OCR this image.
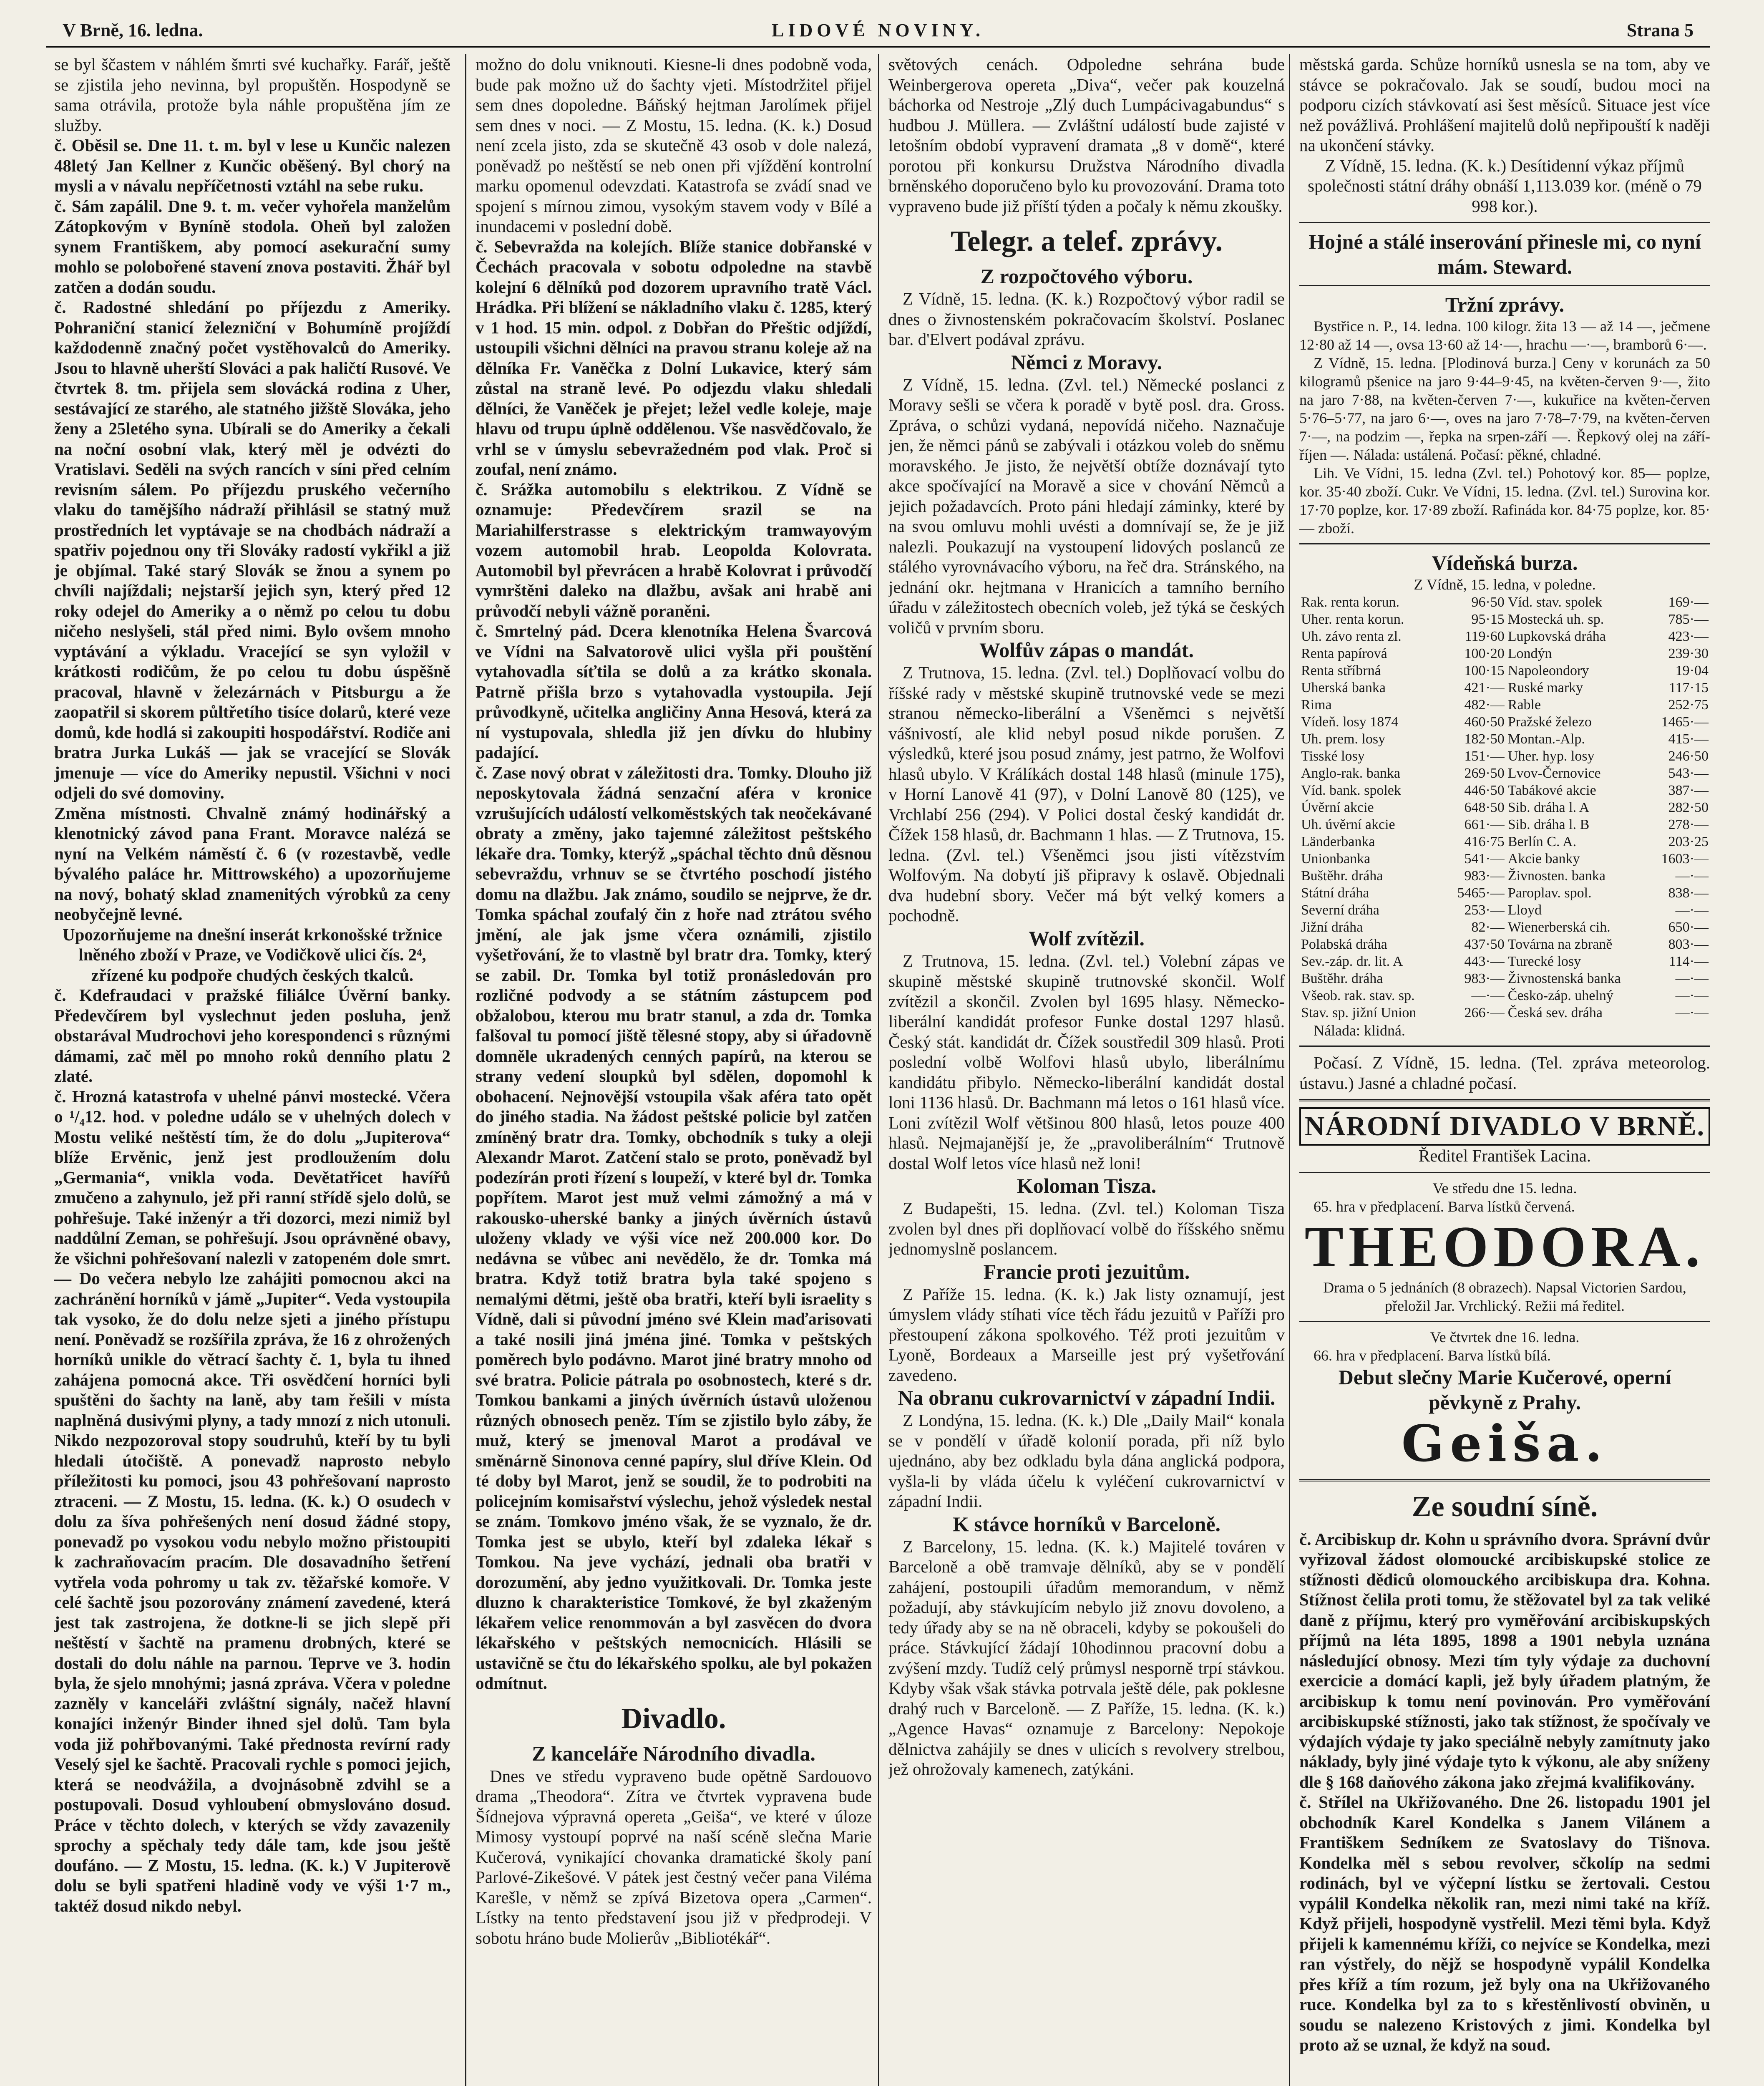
V Brně, 16. ledna.	LIDOVÉ NOVINY.	Strana 5

se byl ščastem v náhlém šmrti své kuchařky. Farář, ještě se zjistila jeho nevinna, byl propuštěn. Hospodyně se sama otrávila, protože byla náhle propuštěna jím ze služby.

č. Oběsil se. Dne 11. t. m. byl v lese u Kunčic nalezen 48letý Jan Kellner z Kunčic oběšený. Byl chorý na mysli a v návalu nepříčetnosti vztáhl na sebe ruku.

č. Sám zapálil. Dne 9. t. m. večer vyhořela manželům Zátopkovým v Byníně stodola. Oheň byl založen synem Františkem, aby pomocí asekurační sumy mohlo se polobořené stavení znova postaviti. Žhář byl zatčen a dodán soudu.

č. Radostné shledání po příjezdu z Ameriky. Pohraniční stanicí železniční v Bohumíně projíždí každodenně značný počet vystěhovalců do Ameriky. Jsou to hlavně uherští Slováci a pak haličtí Rusové. Ve čtvrtek 8. tm. přijela sem slovácká rodina z Uher, sestávající ze starého, ale statného jižště Slováka, jeho ženy a 25letého syna. Ubírali se do Ameriky a čekali na noční osobní vlak, který měl je odvézti do Vratislavi. Seděli na svých rancích v síni před celním revisním sálem. Po příjezdu pruského večerního vlaku do tamějšího nádraží přihlásil se statný muž prostředních let vyptávaje se na chodbách nádraží a spatřiv pojednou ony tři Slováky radostí vykřikl a již je objímal. Také starý Slovák se žnou a synem po chvíli najíždali; nejstarší jejich syn, který před 12 roky odejel do Ameriky a o němž po celou tu dobu ničeho neslyšeli, stál před nimi. Bylo ovšem mnoho vyptávání a výkladu. Vracející se syn vyložil v krátkosti rodičům, že po celou tu dobu úspěšně pracoval, hlavně v železárnách v Pitsburgu a že zaopatřil si skorem půltřetího tisíce dolarů, které veze domů, kde hodlá si zakoupiti hospodářství. Rodiče ani bratra Jurka Lukáš — jak se vracející se Slovák jmenuje — více do Ameriky nepustil. Všichni v noci odjeli do své domoviny.

Změna místnosti. Chvalně známý hodinářský a klenotnický závod pana Frant. Moravce nalézá se nyní na Velkém náměstí č. 6 (v rozestavbě, vedle bývalého paláce hr. Mittrowského) a upozorňujeme na nový, bohatý sklad znamenitých výrobků za ceny neobyčejně levné.

Upozorňujeme na dnešní inserát krkonošské tržnice lněného zboží v Praze, ve Vodičkově ulici čís. 2⁴, zřízené ku podpoře chudých českých tkalců.

č. Kdefraudaci v pražské filiálce Úvěrní banky. Předevčírem byl vyslechnut jeden posluha, jenž obstarával Mudrochovi jeho korespondenci s různými dámami, zač měl po mnoho roků denního platu 2 zlaté.

č. Hrozná katastrofa v uhelné pánvi mostecké. Včera o ¹/₄12. hod. v poledne událo se v uhelných dolech v Mostu veliké neštěstí tím, že do dolu „Jupiterova“ blíže Ervěnic, jenž jest prodloužením dolu „Germania“, vnikla voda. Devětatřicet havířů zmučeno a zahynulo, jež při ranní střídě sjelo dolů, se pohřešuje. Také inženýr a tři dozorci, mezi nimiž byl naddůlní Zeman, se pohřešují. Jsou oprávněné obavy, že všichni pohřešovaní nalezli v zatopeném dole smrt. — Do večera nebylo lze zahájiti pomocnou akci na zachránění horníků v jámě „Jupiter“. Veda vystoupila tak vysoko, že do dolu nelze sjeti a jiného přístupu není. Poněvadž se rozšířila zpráva, že 16 z ohrožených horníků unikle do větrací šachty č. 1, byla tu ihned zahájena pomocná akce. Tři osvědčení horníci byli spuštěni do šachty na laně, aby tam řešili v místa naplněná dusivými plyny, a tady mnozí z nich utonuli. Nikdo nezpozoroval stopy soudruhů, kteří by tu byli hledali útočiště. A ponevadž naprosto nebylo příležitosti ku pomoci, jsou 43 pohřešovaní naprosto ztraceni. — Z Mostu, 15. ledna. (K. k.) O osudech v dolu za šíva pohřešených není dosud žádné stopy, ponevadž po vysokou vodu nebylo možno přistoupiti k zachraňovacím pracím. Dle dosavadního šetření vytřela voda pohromy u tak zv. těžařské komoře. V celé šachtě jsou pozorovány známení zavedené, která jest tak zastrojena, že dotkne-li se jich slepě při neštěstí v šachtě na pramenu drobných, které se dostali do dolu náhle na parnou. Teprve ve 3. hodin byla, že sjelo mnohými; jasná zpráva. Včera v poledne zazněly v kanceláři zvláštní signály, načež hlavní konajíci inženýr Binder ihned sjel dolů. Tam byla voda již pohřbovanými. Také přednosta revírní rady Veselý sjel ke šachtě. Pracovali rychle s pomoci jejich, která se neodvážila, a dvojnásobně zdvihl se a postupovali. Dosud vyhloubení obmyslováno dosud. Práce v těchto dolech, v kterých se vždy zavazenily sprochy a spěchaly tedy dále tam, kde jsou ještě doufáno. — Z Mostu, 15. ledna. (K. k.) V Jupiterově dolu se byli spatřeni hladině vody ve výši 1·7 m., taktéž dosud nikdo nebyl.

možno do dolu vniknouti. Kiesne-li dnes podobně voda, bude pak možno už do šachty vjeti. Místodržitel přijel sem dnes dopoledne. Báňský hejtman Jarolímek přijel sem dnes v noci. — Z Mostu, 15. ledna. (K. k.) Dosud není zcela jisto, zda se skutečně 43 osob v dole nalezá, poněvadž po neštěstí se neb onen při vjíždění kontrolní marku opomenul odevzdati. Katastrofa se zvádí snad ve spojení s mírnou zimou, vysokým stavem vody v Bílé a inundacemi v poslední době.

č. Sebevražda na kolejích. Blíže stanice dobřanské v Čechách pracovala v sobotu odpoledne na stavbě kolejní 6 dělníků pod dozorem upravního tratě Václ. Hrádka. Při blížení se nákladního vlaku č. 1285, který v 1 hod. 15 min. odpol. z Dobřan do Přeštic odjíždí, ustoupili všichni dělníci na pravou stranu koleje až na dělníka Fr. Vaněčka z Dolní Lukavice, který sám zůstal na straně levé. Po odjezdu vlaku shledali dělníci, že Vaněček je přejet; ležel vedle koleje, maje hlavu od trupu úplně oddělenou. Vše nasvědčovalo, že vrhl se v úmyslu sebevražedném pod vlak. Proč si zoufal, není známo.

č. Srážka automobilu s elektrikou. Z Vídně se oznamuje: Předevčírem srazil se na Mariahilferstrasse s elektrickým tramwayovým vozem automobil hrab. Leopolda Kolovrata. Automobil byl převrácen a hrabě Kolovrat i průvodčí vymrštěni daleko na dlažbu, avšak ani hrabě ani průvodčí nebyli vážně poraněni.

č. Smrtelný pád. Dcera klenotníka Helena Švarcová ve Vídni na Salvatorově ulici vyšla při pouštění vytahovadla síťtila se dolů a za krátko skonala. Patrně přišla brzo s vytahovadla vystoupila. Její průvodkyně, učitelka angličiny Anna Hesová, která za ní vystupovala, shledla již jen dívku do hlubiny padající.

č. Zase nový obrat v záležitosti dra. Tomky. Dlouho již neposkytovala žádná senzační aféra v kronice vzrušujících událostí velkoměstských tak neočekávané obraty a změny, jako tajemné záležitost peštského lékaře dra. Tomky, kterýž „spáchal těchto dnů děsnou sebevraždu, vrhnuv se se čtvrtého poschodí jistého domu na dlažbu. Jak známo, soudilo se nejprve, že dr. Tomka spáchal zoufalý čin z hoře nad ztrátou svého jmění, ale jak jsme včera oznámili, zjistilo vyšetřování, že to vlastně byl bratr dra. Tomky, který se zabil. Dr. Tomka byl totiž pronásledován pro rozličné podvody a se státním zástupcem pod obžalobou, kterou mu bratr stanul, a zda dr. Tomka falšoval tu pomocí jiště tělesné stopy, aby si úřadovně domněle ukradených cenných papírů, na kterou se strany vedení sloupků byl sdělen, dopomohl k obohacení. Nejnovější vstoupila však aféra tato opět do jiného stadia. Na žádost peštské policie byl zatčen zmíněný bratr dra. Tomky, obchodník s tuky a oleji Alexandr Marot. Zatčení stalo se proto, poněvadž byl podezírán proti řízení s loupeží, v které byl dr. Tomka popřítem. Marot jest muž velmi zámožný a má v rakousko-uherské banky a jiných úvěrních ústavů uloženy vklady ve výši více než 200.000 kor. Do nedávna se vůbec ani nevědělo, že dr. Tomka má bratra. Když totiž bratra byla také spojeno s nemalými dětmi, ještě oba bratři, kteří byli israelity s Vídně, dali si původní jméno své Klein maďarisovati a také nosili jiná jména jiné. Tomka v peštských poměrech bylo podávno. Marot jiné bratry mnoho od své bratra. Policie pátrala po osobnostech, které s dr. Tomkou bankami a jiných úvěrních ústavů uloženou různých obnosech peněz. Tím se zjistilo bylo záby, že muž, který se jmenoval Marot a prodával ve směnárně Sinonova cenné papíry, slul dříve Klein. Od té doby byl Marot, jenž se soudil, že to podrobiti na policejním komisařství výslechu, jehož výsledek nestal se znám. Tomkovo jméno však, že se vyznalo, že dr. Tomka jest se ubylo, kteří byl zdaleka lékař s Tomkou. Na jeve vychází, jednali oba bratři v dorozumění, aby jedno využitkovali. Dr. Tomka jeste dluzno k charakteristice Tomkové, že byl zkaženým lékařem velice renommován a byl zasvěcen do dvora lékařského v peštských nemocnicích. Hlásili se ustavičně se čtu do lékařského spolku, ale byl pokažen odmítnut.

Divadlo.

Z kanceláře Národního divadla.

Dnes ve středu vypraveno bude opětně Sardouovo drama „Theodora“. Zítra ve čtvrtek vypravena bude Šídnejova výpravná opereta „Geiša“, ve které v úloze Mimosy vystoupí poprvé na naší scéně slečna Marie Kučerová, vynikající chovanka dramatické školy paní Parlové-Zikešové. V pátek jest čestný večer pana Viléma Karešle, v němž se zpívá Bizetova opera „Carmen“. Lístky na tento představení jsou již v předprodeji. V sobotu hráno bude Molierův „Bibliotékář“.

světových cenách. Odpoledne sehrána bude Weinbergerova opereta „Diva“, večer pak kouzelná báchorka od Nestroje „Zlý duch Lumpácivagabundus“ s hudbou J. Müllera. — Zvláštní událostí bude zajisté v letošním období vypravení dramata „8 v domě“, které porotou při konkursu Družstva Národního divadla brněnského doporučeno bylo ku provozování. Drama toto vypraveno bude již příští týden a počaly k němu zkoušky.

Telegr. a telef. zprávy.

Z rozpočtového výboru.

Z Vídně, 15. ledna. (K. k.) Rozpočtový výbor radil se dnes o živnostenském pokračovacím školství. Poslanec bar. d'Elvert podával zprávu.

Němci z Moravy.

Z Vídně, 15. ledna. (Zvl. tel.) Německé poslanci z Moravy sešli se včera k poradě v bytě posl. dra. Gross. Zpráva, o schůzi vydaná, nepovídá ničeho. Naznačuje jen, že němci pánů se zabývali i otázkou voleb do sněmu moravského. Je jisto, že největší obtíže doznávají tyto akce spočívající na Moravě a sice v chování Němců a jejich požadavcích. Proto páni hledají záminky, které by na svou omluvu mohli uvésti a domnívají se, že je již nalezli. Poukazují na vystoupení lidových poslanců ze stálého vyrovnávacího výboru, na řeč dra. Stránského, na jednání okr. hejtmana v Hranicích a tamního berního úřadu v záležitostech obecních voleb, jež týká se českých voličů v prvním sboru.

Wolfův zápas o mandát.

Z Trutnova, 15. ledna. (Zvl. tel.) Doplňovací volbu do říšské rady v městské skupině trutnovské vede se mezi stranou německo-liberální a Všeněmci s největší vášnivostí, ale klid nebyl posud nikde porušen. Z výsledků, které jsou posud známy, jest patrno, že Wolfovi hlasů ubylo. V Králíkách dostal 148 hlasů (minule 175), v Horní Lanově 41 (97), v Dolní Lanově 80 (125), ve Vrchlabí 256 (294). V Polici dostal český kandidát dr. Čížek 158 hlasů, dr. Bachmann 1 hlas. — Z Trutnova, 15. ledna. (Zvl. tel.) Všeněmci jsou jisti vítězstvím Wolfovým. Na dobytí jiš připravy k oslavě. Objednali dva hudební sbory. Večer má být velký komers a pochodně.

Wolf zvítězil.

Z Trutnova, 15. ledna. (Zvl. tel.) Volební zápas ve skupině městské skupině trutnovské skončil. Wolf zvítězil a skončil. Zvolen byl 1695 hlasy. Německo-liberální kandidát profesor Funke dostal 1297 hlasů. Český stát. kandidát dr. Čížek soustředil 309 hlasů. Proti poslední volbě Wolfovi hlasů ubylo, liberálnímu kandidátu přibylo. Německo-liberální kandidát dostal loni 1136 hlasů. Dr. Bachmann má letos o 161 hlasů více. Loni zvítězil Wolf většinou 800 hlasů, letos pouze 400 hlasů. Nejmajanější je, že „pravoliberálním“ Trutnově dostal Wolf letos více hlasů než loni!

Koloman Tisza.

Z Budapešti, 15. ledna. (Zvl. tel.) Koloman Tisza zvolen byl dnes při doplňovací volbě do říšského sněmu jednomyslně poslancem.

Francie proti jezuitům.

Z Paříže 15. ledna. (K. k.) Jak listy oznamují, jest úmyslem vlády stíhati více těch řádu jezuitů v Paříži pro přestoupení zákona spolkového. Též proti jezuitům v Lyoně, Bordeaux a Marseille jest prý vyšetřování zavedeno.

Na obranu cukrovarnictví v západní Indii.

Z Londýna, 15. ledna. (K. k.) Dle „Daily Mail“ konala se v pondělí v úřadě kolonií porada, při níž bylo ujednáno, aby bez odkladu byla dána anglická podpora, vyšla-li by vláda účelu k vyléčení cukrovarnictví v západní Indii.

K stávce horníků v Barceloně.

Z Barcelony, 15. ledna. (K. k.) Majitelé továren v Barceloně a obě tramvaje dělníků, aby se v pondělí zahájení, postoupili úřadům memorandum, v němž požadují, aby stávkujícím nebylo již znovu dovoleno, a tedy úřady aby se na ně obraceli, kdyby se pokoušeli do práce. Stávkující žádají 10hodinnou pracovní dobu a zvýšení mzdy. Tudíž celý průmysl nesporně trpí stávkou. Kdyby však však stávka potrvala ještě déle, pak poklesne drahý ruch v Barceloně. — Z Paříže, 15. ledna. (K. k.) „Agence Havas“ oznamuje z Barcelony: Nepokoje dělnictva zahájily se dnes v ulicích s revolvery strelbou, jež ohrožovaly kamenech, zatýkáni.

městská garda. Schůze horníků usnesla se na tom, aby ve stávce se pokračovalo. Jak se soudí, budou moci na podporu cizích stávkovatí asi šest měsíců. Situace jest více než povážlivá. Prohlášení majitelů dolů nepřipouští k naději na ukončení stávky.

Z Vídně, 15. ledna. (K. k.) Desítidenní výkaz příjmů společnosti státní dráhy obnáší 1,113.039 kor. (méně o 79 998 kor.).

Hojné a stálé inserování přinesle mi, co nyní mám. Steward.

Tržní zprávy.

Bystřice n. P., 14. ledna. 100 kilogr. žita 13 — až 14 —, ječmene 12·80 až 14 —, ovsa 13·60 až 14·—, hrachu —·—, bramborů 6·—.

Z Vídně, 15. ledna. [Plodinová burza.] Ceny v korunách za 50 kilogramů pšenice na jaro 9·44–9·45, na květen-červen 9·—, žito na jaro 7·88, na květen-červen 7·—, kukuřice na květen-červen 5·76–5·77, na jaro 6·—, oves na jaro 7·78–7·79, na květen-červen 7·—, na podzim —, řepka na srpen-září —. Řepkový olej na září-říjen —. Nálada: ustálená. Počasí: pěkné, chladné.

Lih. Ve Vídni, 15. ledna (Zvl. tel.) Pohotový kor. 85— poplze, kor. 35·40 zboží. Cukr. Ve Vídni, 15. ledna. (Zvl. tel.) Surovina kor. 17·70 poplze, kor. 17·89 zboží. Rafináda kor. 84·75 poplze, kor. 85·— zboží.

Vídeňská burza.

Z Vídně, 15. ledna, v poledne.

Rak. renta korun.	96·50	Víd. stav. spolek	169·—
Uher. renta korun.	95·15	Mostecká uh. sp.	785·—
Uh. závo renta zl.	119·60	Lupkovská dráha	423·—
Renta papírová	100·20	Londýn	239·30
Renta stříbrná	100·15	Napoleondory	19·04
Uherská banka	421·—	Ruské marky	117·15
Rima	482·—	Rable	252·75
Vídeň. losy 1874	460·50	Pražské železo	1465·—
Uh. prem. losy	182·50	Montan.-Alp.	415·—
Tisské losy	151·—	Uher. hyp. losy	246·50
Anglo-rak. banka	269·50	Lvov-Černovice	543·—
Víd. bank. spolek	446·50	Tabákové akcie	387·—
Úvěrní akcie	648·50	Sib. dráha l. A	282·50
Uh. úvěrní akcie	661·—	Sib. dráha l. B	278·—
Länderbanka	416·75	Berlín C. A.	203·25
Unionbanka	541·—	Akcie banky	1603·—
Buštěhr. dráha	983·—	Živnosten. banka	—·—
Státní dráha	5465·—	Paroplav. spol.	838·—
Severní dráha	253·—	Lloyd	—·—
Jižní dráha	82·—	Wienerberská cih.	650·—
Polabská dráha	437·50	Továrna na zbraně	803·—
Sev.-záp. dr. lit. A	443·—	Turecké losy	114·—
Buštěhr. dráha	983·—	Živnostenská banka	—·—
Všeob. rak. stav. sp.	—·—	Česko-záp. uhelný	—·—
Stav. sp. jižní Union	266·—	Česká sev. dráha	—·—

Nálada: klidná.

Počasí. Z Vídně, 15. ledna. (Tel. zpráva meteorolog. ústavu.) Jasné a chladné počasí.

NÁRODNÍ DIVADLO V BRNĚ.

Ředitel František Lacina.

Ve středu dne 15. ledna.

65. hra v předplacení. Barva lístků červená.

THEODORA.

Drama o 5 jednáních (8 obrazech). Napsal Victorien Sardou, přeložil Jar. Vrchlický. Režii má ředitel.

Ve čtvrtek dne 16. ledna.

66. hra v předplacení. Barva lístků bílá.

Debut slečny Marie Kučerové, operní pěvkyně z Prahy.

Geiša.

Ze soudní síně.

č. Arcibiskup dr. Kohn u správního dvora. Správní dvůr vyřizoval žádost olomoucké arcibiskupské stolice ze stížnosti dědiců olomouckého arcibiskupa dra. Kohna. Stížnost čelila proti tomu, že stěžovatel byl za tak veliké daně z příjmu, který pro vyměřování arcibiskupských příjmů na léta 1895, 1898 a 1901 nebyla uznána následující obnosy. Mezi tím tyly výdaje za duchovní exercicie a domácí kapli, jež byly úřadem platným, že arcibiskup k tomu není povinován. Pro vyměřování arcibiskupské stížnosti, jako tak stížnost, že spočívaly ve výdajích výdaje ty jako speciálně nebyly zamítnuty jako náklady, byly jiné výdaje tyto k výkonu, ale aby sníženy dle § 168 daňového zákona jako zřejmá kvalifikovány.

č. Střílel na Ukřižovaného. Dne 26. listopadu 1901 jel obchodník Karel Kondelka s Janem Vilánem a Františkem Sedníkem ze Svatoslavy do Tišnova. Kondelka měl s sebou revolver, sčkolíp na sedmi rodinách, byl ve výčepní lístku se žertovali. Cestou vypálil Kondelka několik ran, mezi nimi také na kříž. Když přijeli, hospodyně vystřelil. Mezi těmi byla. Když přijeli k kamennému kříži, co nejvíce se Kondelka, mezi ran výstřely, do nějž se hospodyně vypálil Kondelka přes kříž a tím rozum, jež byly ona na Ukřižovaného ruce. Kondelka byl za to s křestěnlivostí obviněn, u soudu se nalezeno Kristových z jimi. Kondelka byl proto až se uznal, že když na soud.
